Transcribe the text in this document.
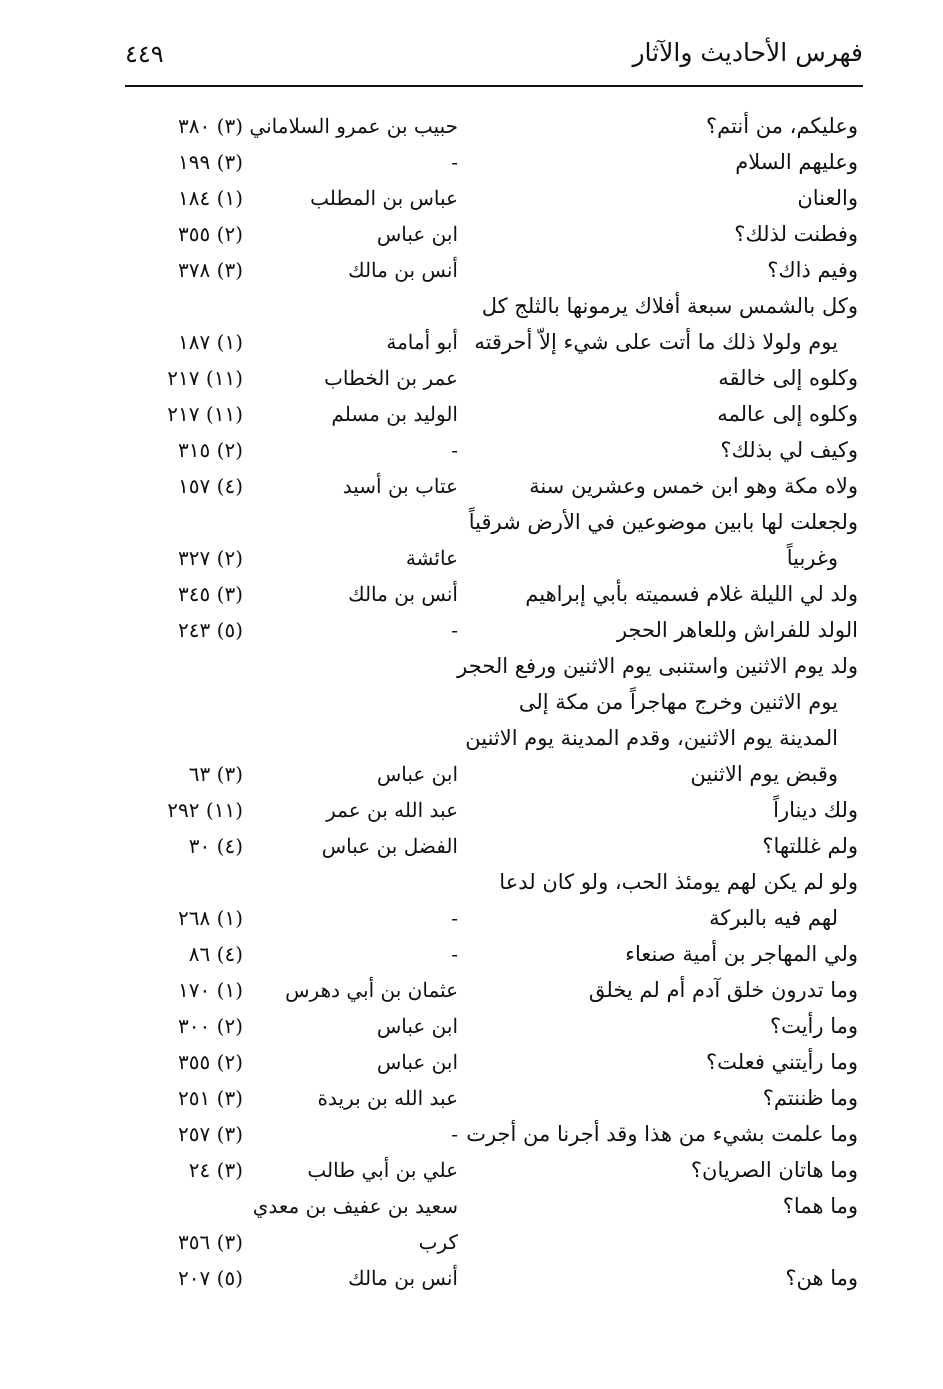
فهرس الأحاديث والآثار
٤٤٩
وعليكم، من أنتم؟
حبيب بن عمرو السلاماني
(٣) ٣٨٠
وعليهم السلام
-
(٣) ١٩٩
والعنان
عباس بن المطلب
(١) ١٨٤
وفطنت لذلك؟
ابن عباس
(٢) ٣٥٥
وفيم ذاك؟
أنس بن مالك
(٣) ٣٧٨
وكل بالشمس سبعة أفلاك يرمونها بالثلج كل
يوم ولولا ذلك ما أتت على شيء إلاّ أحرقته
أبو أمامة
(١) ١٨٧
وكلوه إلى خالقه
عمر بن الخطاب
(١١) ٢١٧
وكلوه إلى عالمه
الوليد بن مسلم
(١١) ٢١٧
وكيف لي بذلك؟
-
(٢) ٣١٥
ولاه مكة وهو ابن خمس وعشرين سنة
عتاب بن أسيد
(٤) ١٥٧
ولجعلت لها بابين موضوعين في الأرض شرقياً
وغربياً
عائشة
(٢) ٣٢٧
ولد لي الليلة غلام فسميته بأبي إبراهيم
أنس بن مالك
(٣) ٣٤٥
الولد للفراش وللعاهر الحجر
-
(٥) ٢٤٣
ولد يوم الاثنين واستنبى يوم الاثنين ورفع الحجر
يوم الاثنين وخرج مهاجراً من مكة إلى
المدينة يوم الاثنين، وقدم المدينة يوم الاثنين
وقبض يوم الاثنين
ابن عباس
(٣) ٦٣
ولك ديناراً
عبد الله بن عمر
(١١) ٢٩٢
ولم غللتها؟
الفضل بن عباس
(٤) ٣٠
ولو لم يكن لهم يومئذ الحب، ولو كان لدعا
لهم فيه بالبركة
-
(١) ٢٦٨
ولي المهاجر بن أمية صنعاء
-
(٤) ٨٦
وما تدرون خلق آدم أم لم يخلق
عثمان بن أبي دهرس
(١) ١٧٠
وما رأيت؟
ابن عباس
(٢) ٣٠٠
وما رأيتني فعلت؟
ابن عباس
(٢) ٣٥٥
وما ظننتم؟
عبد الله بن بريدة
(٣) ٢٥١
وما علمت بشيء من هذا وقد أجرنا من أجرت
-
(٣) ٢٥٧
وما هاتان الصريان؟
علي بن أبي طالب
(٣) ٢٤
وما هما؟
سعيد بن عفيف بن معدي
كرب
(٣) ٣٥٦
وما هن؟
أنس بن مالك
(٥) ٢٠٧
